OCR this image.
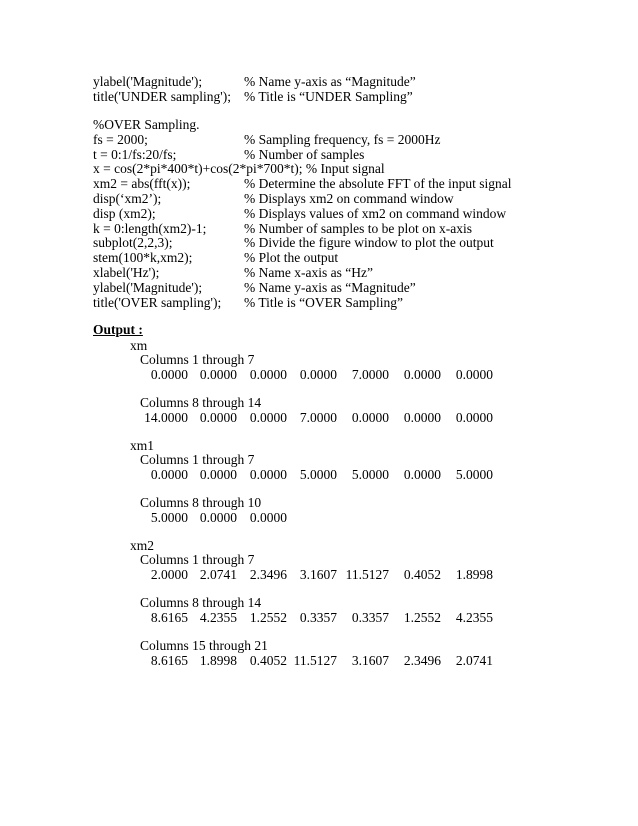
ylabel('Magnitude');	% Name y-axis as “Magnitude”
title('UNDER sampling'); % Title is “UNDER Sampling”
%OVER Sampling.
fs = 2000;	% Sampling frequency, fs = 2000Hz
t = 0:1/fs:20/fs;	% Number of samples
x = cos(2*pi*400*t)+cos(2*pi*700*t); % Input signal
xm2 = abs(fft(x));	% Determine the absolute FFT of the input signal
disp(‘xm2’);	% Displays xm2 on command window
disp (xm2);	% Displays values of xm2 on command window
k = 0:length(xm2)-1;	% Number of samples to be plot on x-axis
subplot(2,2,3);	% Divide the figure window to plot the output
stem(100*k,xm2);	% Plot the output
xlabel('Hz');	% Name x-axis as “Hz”
ylabel('Magnitude');	% Name y-axis as “Magnitude”
title('OVER sampling'); % Title is “OVER Sampling”
Output :
xm
Columns 1 through 7
0.0000 0.0000 0.0000 0.0000 7.0000 0.0000 0.0000
Columns 8 through 14
14.0000 0.0000 0.0000 7.0000 0.0000 0.0000 0.0000
xm1
Columns 1 through 7
0.0000 0.0000 0.0000 5.0000 5.0000 0.0000 5.0000
Columns 8 through 10
5.0000 0.0000 0.0000
xm2
Columns 1 through 7
2.0000 2.0741 2.3496 3.1607 11.5127 0.4052 1.8998
Columns 8 through 14
8.6165 4.2355 1.2552 0.3357 0.3357 1.2552 4.2355
Columns 15 through 21
8.6165 1.8998 0.4052 11.5127 3.1607 2.3496 2.0741
